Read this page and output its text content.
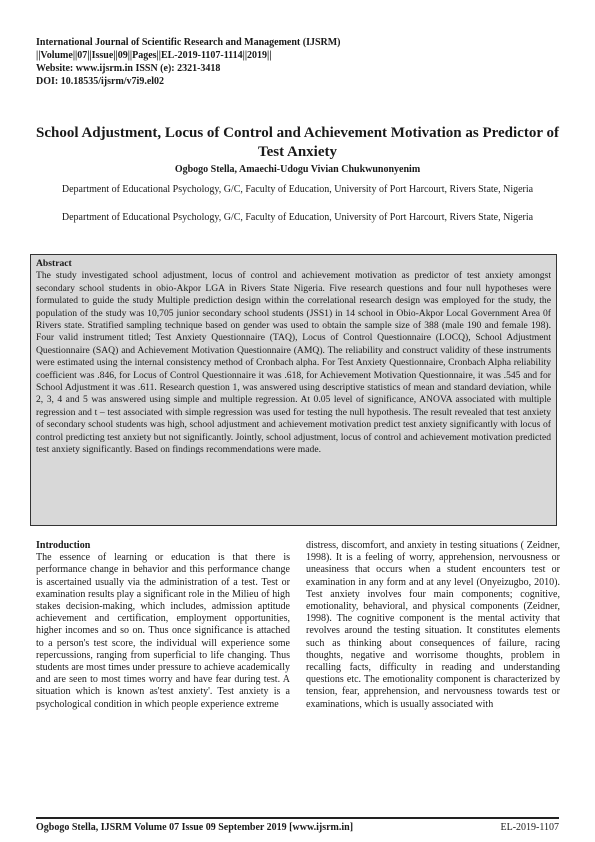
International Journal of Scientific Research and Management (IJSRM)
||Volume||07||Issue||09||Pages||EL-2019-1107-1114||2019||
Website: www.ijsrm.in ISSN (e): 2321-3418
DOI: 10.18535/ijsrm/v7i9.el02
School Adjustment, Locus of Control and Achievement Motivation as Predictor of Test Anxiety
Ogbogo Stella, Amaechi-Udogu Vivian Chukwunonyenim
Department of Educational Psychology, G/C, Faculty of Education, University of Port Harcourt, Rivers State, Nigeria
Department of Educational Psychology, G/C, Faculty of Education, University of Port Harcourt, Rivers State, Nigeria
Abstract

The study investigated school adjustment, locus of control and achievement motivation as predictor of test anxiety amongst secondary school students in obio-Akpor LGA in Rivers State Nigeria. Five research questions and four null hypotheses were formulated to guide the study Multiple prediction design within the correlational research design was employed for the study, the population of the study was 10,705 junior secondary school students (JSS1) in 14 school in Obio-Akpor Local Government Area 0f Rivers state. Stratified sampling technique based on gender was used to obtain the sample size of 388 (male 190 and female 198). Four valid instrument titled; Test Anxiety Questionnaire (TAQ), Locus of Control Questionnaire (LOCQ), School Adjustment Questionnaire (SAQ) and Achievement Motivation Questionnaire (AMQ). The reliability and construct validity of these instruments were estimated using the internal consistency method of Cronbach alpha. For Test Anxiety Questionnaire, Cronbach Alpha reliability coefficient was .846, for Locus of Control Questionnaire it was .618, for Achievement Motivation Questionnaire, it was .545 and for School Adjustment it was .611. Research question 1, was answered using descriptive statistics of mean and standard deviation, while 2, 3, 4 and 5 was answered using simple and multiple regression. At 0.05 level of significance, ANOVA associated with multiple regression and t – test associated with simple regression was used for testing the null hypothesis. The result revealed that test anxiety of secondary school students was high, school adjustment and achievement motivation predict test anxiety significantly with locus of control predicting test anxiety but not significantly. Jointly, school adjustment, locus of control and achievement motivation predicted test anxiety significantly. Based on findings recommendations were made.

Introduction

The essence of learning or education is that there is performance change in behavior and this performance change is ascertained usually via the administration of a test. Test or examination results play a significant role in the Milieu of high stakes decision-making, which includes, admission aptitude achievement and certification, employment opportunities, higher incomes and so on. Thus once significance is attached to a person's test score, the individual will experience some repercussions, ranging from superficial to life changing. Thus students are most times under pressure to achieve academically and are seen to most times worry and have fear during test. A situation which is known as'test anxiety'. Test anxiety is a psychological condition in which people experience extreme

distress, discomfort, and anxiety in testing situations ( Zeidner, 1998). It is a feeling of worry, apprehension, nervousness or uneasiness that occurs when a student encounters test or examination in any form and at any level (Onyeizugbo, 2010). Test anxiety involves four main components; cognitive, emotionality, behavioral, and physical components (Zeidner, 1998). The cognitive component is the mental activity that revolves around the testing situation. It constitutes elements such as thinking about consequences of failure, racing thoughts, negative and worrisome thoughts, problem in recalling facts, difficulty in reading and understanding questions etc. The emotionality component is characterized by tension, fear, apprehension, and nervousness towards test or examinations, which is usually associated with

Ogbogo Stella, IJSRM Volume 07 Issue 09 September 2019 [www.ijsrm.in]	EL-2019-1107
